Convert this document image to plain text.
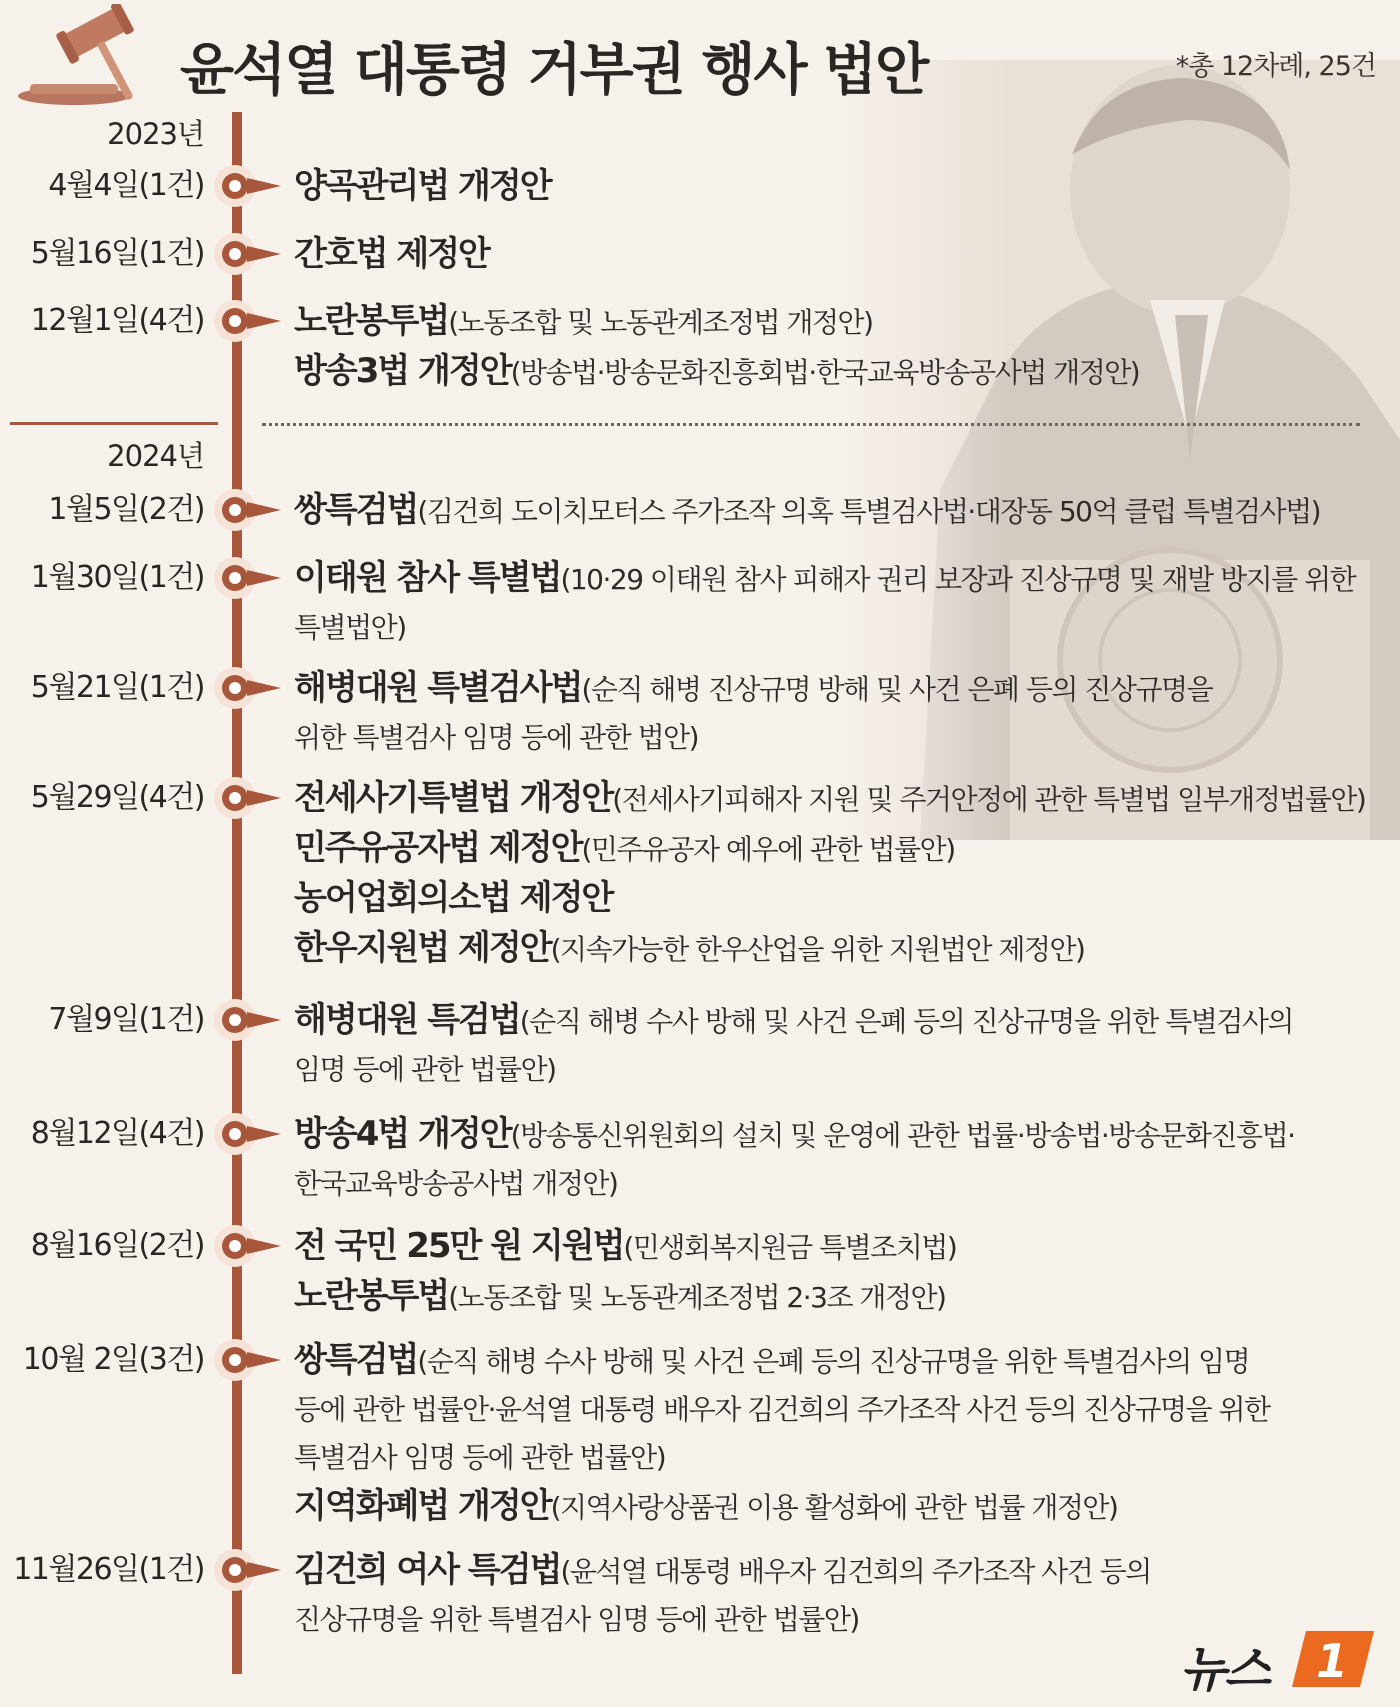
윤석열 대통령 거부권 행사 법안	*총 12차례, 25건
2023년
2024년
4월4일(1건)	양곡관리법 개정안
5월16일(1건)	간호법 제정안
12월1일(4건)	노란봉투법(노동조합 및 노동관계조정법 개정안)
방송3법 개정안(방송법·방송문화진흥회법·한국교육방송공사법 개정안)
1월5일(2건)	쌍특검법(김건희 도이치모터스 주가조작 의혹 특별검사법·대장동 50억 클럽 특별검사법)
1월30일(1건)	이태원 참사 특별법(10·29 이태원 참사 피해자 권리 보장과 진상규명 및 재발 방지를 위한
특별법안)
5월21일(1건)	해병대원 특별검사법(순직 해병 진상규명 방해 및 사건 은폐 등의 진상규명을
위한 특별검사 임명 등에 관한 법안)
5월29일(4건)	전세사기특별법 개정안(전세사기피해자 지원 및 주거안정에 관한 특별법 일부개정법률안)
민주유공자법 제정안(민주유공자 예우에 관한 법률안)
농어업회의소법 제정안
한우지원법 제정안(지속가능한 한우산업을 위한 지원법안 제정안)
7월9일(1건)	해병대원 특검법(순직 해병 수사 방해 및 사건 은폐 등의 진상규명을 위한 특별검사의
임명 등에 관한 법률안)
8월12일(4건)	방송4법 개정안(방송통신위원회의 설치 및 운영에 관한 법률·방송법·방송문화진흥법·
한국교육방송공사법 개정안)
8월16일(2건)	전 국민 25만 원 지원법(민생회복지원금 특별조치법)
노란봉투법(노동조합 및 노동관계조정법 2·3조 개정안)
10월 2일(3건)	쌍특검법(순직 해병 수사 방해 및 사건 은폐 등의 진상규명을 위한 특별검사의 임명
등에 관한 법률안·윤석열 대통령 배우자 김건희의 주가조작 사건 등의 진상규명을 위한
특별검사 임명 등에 관한 법률안)
지역화폐법 개정안(지역사랑상품권 이용 활성화에 관한 법률 개정안)
11월26일(1건)	김건희 여사 특검법(윤석열 대통령 배우자 김건희의 주가조작 사건 등의
진상규명을 위한 특별검사 임명 등에 관한 법률안)
뉴스 1
